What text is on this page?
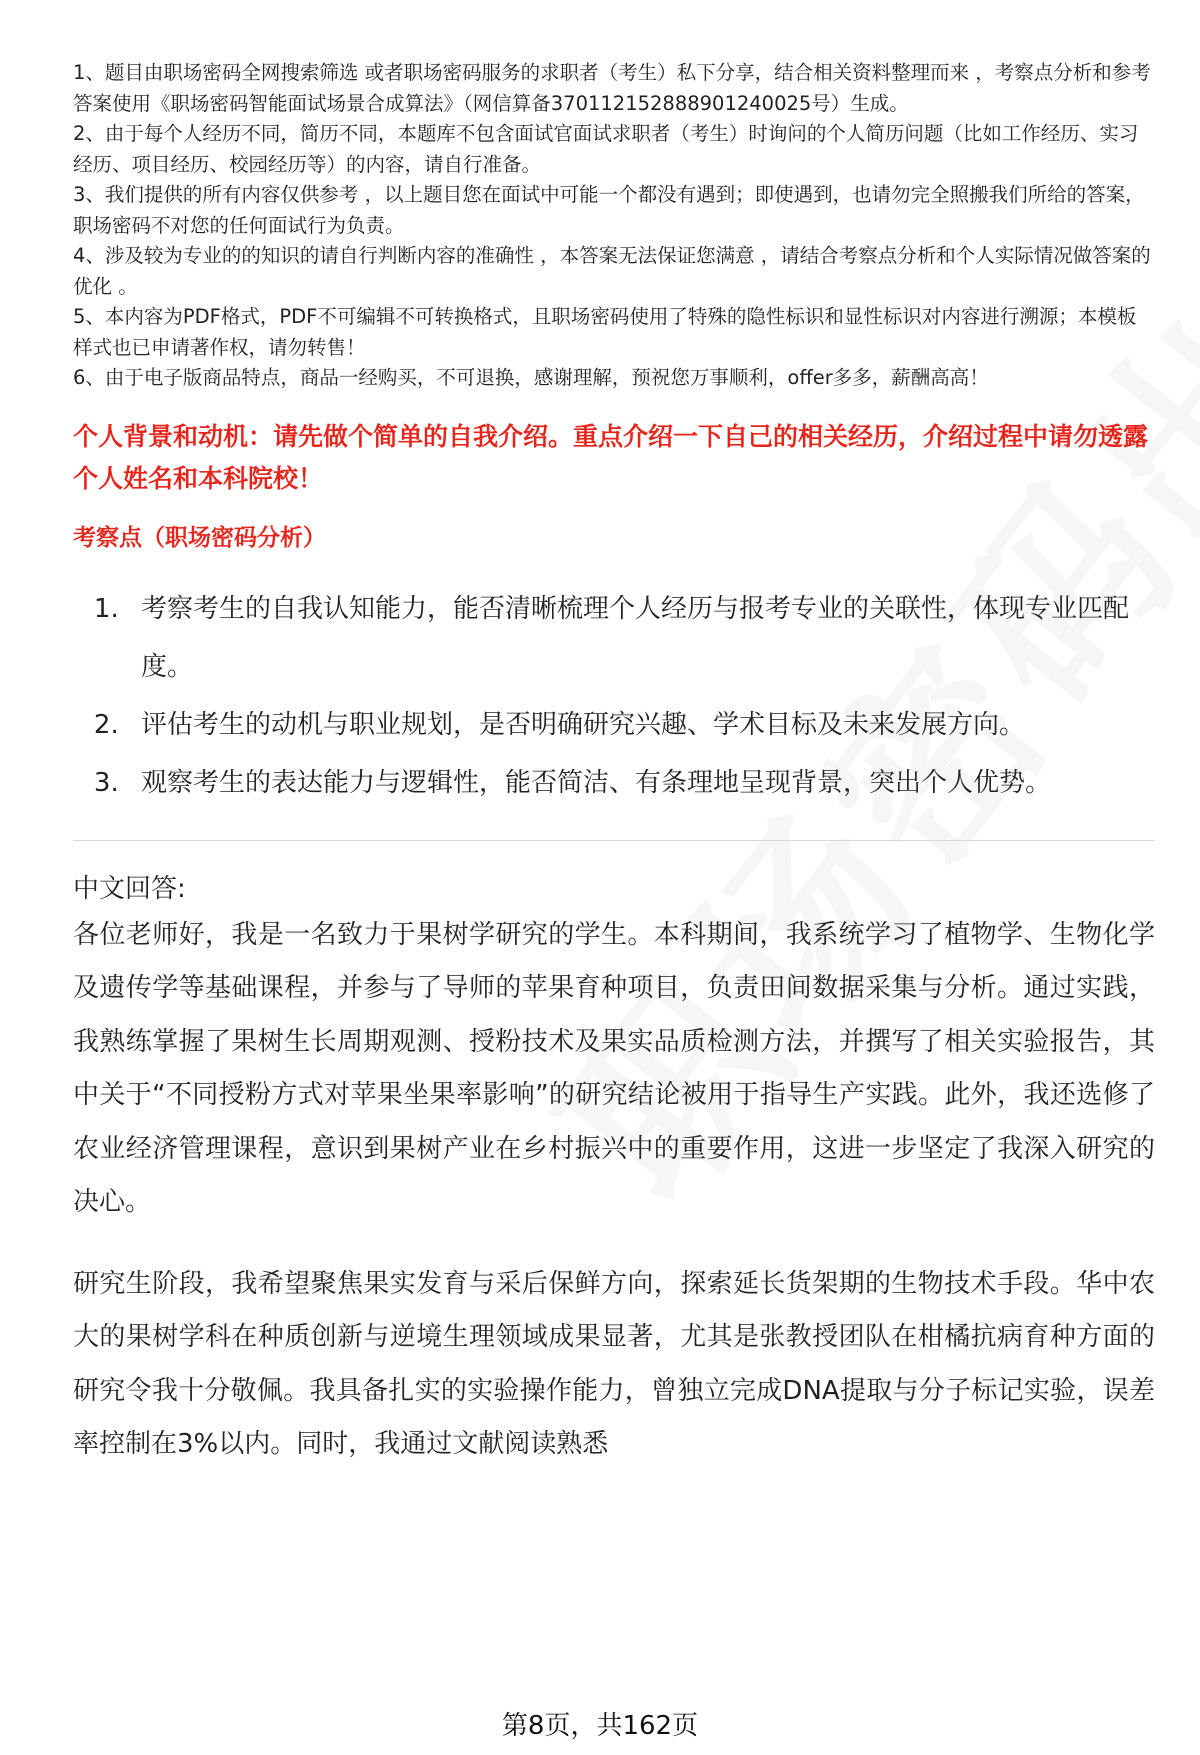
1、题目由职场密码全网搜索筛选 或者职场密码服务的求职者（考生）私下分享，结合相关资料整理而来 ，考察点分析和参考答案使用《职场密码智能面试场景合成算法》（网信算备370112152888901240025号）生成。

2、由于每个人经历不同，简历不同，本题库不包含面试官面试求职者（考生）时询问的个人简历问题（比如工作经历、实习经历、项目经历、校园经历等）的内容，请自行准备。

3、我们提供的所有内容仅供参考 ，以上题目您在面试中可能一个都没有遇到；即使遇到，也请勿完全照搬我们所给的答案，职场密码不对您的任何面试行为负责。

4、涉及较为专业的的知识的请自行判断内容的准确性 ，本答案无法保证您满意 ，请结合考察点分析和个人实际情况做答案的优化 。

5、本内容为PDF格式，PDF不可编辑不可转换格式，且职场密码使用了特殊的隐性标识和显性标识对内容进行溯源；本模板样式也已申请著作权，请勿转售！

6、由于电子版商品特点，商品一经购买，不可退换，感谢理解，预祝您万事顺利，offer多多，薪酬高高！

个人背景和动机：请先做个简单的自我介绍。重点介绍一下自己的相关经历，介绍过程中请勿透露个人姓名和本科院校！
考察点（职场密码分析）
1. 考察考生的自我认知能力，能否清晰梳理个人经历与报考专业的关联性，体现专业匹配度。
2. 评估考生的动机与职业规划，是否明确研究兴趣、学术目标及未来发展方向。
3. 观察考生的表达能力与逻辑性，能否简洁、有条理地呈现背景，突出个人优势。
中文回答:

各位老师好，我是一名致力于果树学研究的学生。本科期间，我系统学习了植物学、生物化学及遗传学等基础课程，并参与了导师的苹果育种项目，负责田间数据采集与分析。通过实践，我熟练掌握了果树生长周期观测、授粉技术及果实品质检测方法，并撰写了相关实验报告，其中关于“不同授粉方式对苹果坐果率影响”的研究结论被用于指导生产实践。此外，我还选修了农业经济管理课程，意识到果树产业在乡村振兴中的重要作用，这进一步坚定了我深入研究的决心。

研究生阶段，我希望聚焦果实发育与采后保鲜方向，探索延长货架期的生物技术手段。华中农大的果树学科在种质创新与逆境生理领域成果显著，尤其是张教授团队在柑橘抗病育种方面的研究令我十分敬佩。我具备扎实的实验操作能力，曾独立完成DNA提取与分子标记实验，误差率控制在3%以内。同时，我通过文献阅读熟悉

第8页，共162页
